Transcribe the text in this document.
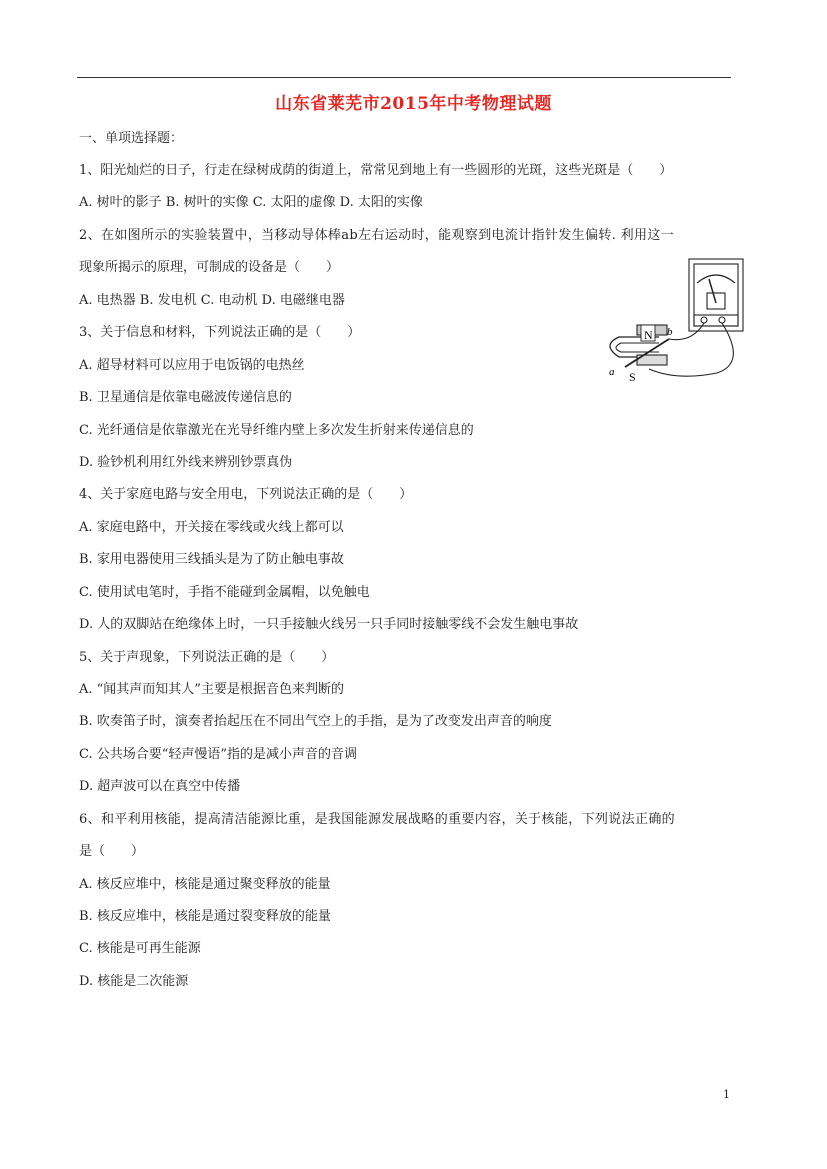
山东省莱芜市2015年中考物理试题
一、单项选择题：
1、阳光灿烂的日子，行走在绿树成荫的街道上，常常见到地上有一些圆形的光斑，这些光斑是（　　）
A. 树叶的影子 B. 树叶的实像 C. 太阳的虚像 D. 太阳的实像
2、在如图所示的实验装置中，当移动导体棒ab左右运动时，能观察到电流计指针发生偏转. 利用这一
现象所揭示的原理，可制成的设备是（　　）
A. 电热器 B. 发电机 C. 电动机 D. 电磁继电器
3、关于信息和材料，下列说法正确的是（　　）
A. 超导材料可以应用于电饭锅的电热丝
B. 卫星通信是依靠电磁波传递信息的
C. 光纤通信是依靠激光在光导纤维内壁上多次发生折射来传递信息的
D. 验钞机利用红外线来辨别钞票真伪
4、关于家庭电路与安全用电，下列说法正确的是（　　）
A. 家庭电路中，开关接在零线或火线上都可以
B. 家用电器使用三线插头是为了防止触电事故
C. 使用试电笔时，手指不能碰到金属帽，以免触电
D. 人的双脚站在绝缘体上时，一只手接触火线另一只手同时接触零线不会发生触电事故
5、关于声现象，下列说法正确的是（　　）
A. “闻其声而知其人”主要是根据音色来判断的
B. 吹奏笛子时，演奏者抬起压在不同出气空上的手指，是为了改变发出声音的响度
C. 公共场合要“轻声慢语”指的是减小声音的音调
D. 超声波可以在真空中传播
6、和平利用核能，提高清洁能源比重，是我国能源发展战略的重要内容，关于核能，下列说法正确的
是（　　）
A. 核反应堆中，核能是通过聚变释放的能量
B. 核反应堆中，核能是通过裂变释放的能量
C. 核能是可再生能源
D. 核能是二次能源
N
S
a
b
1
